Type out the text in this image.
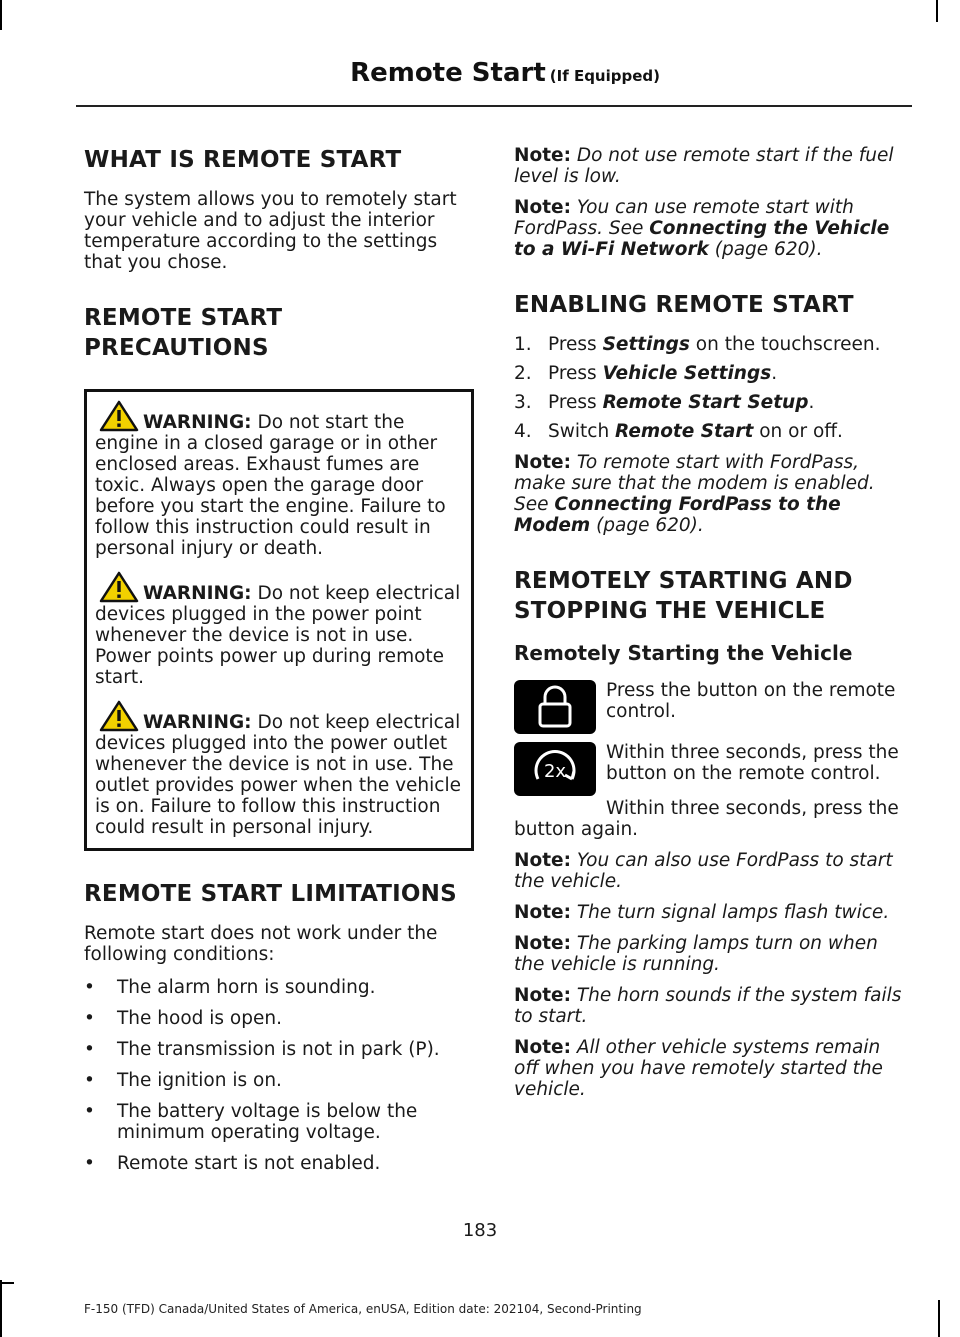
Remote Start (If Equipped)
WHAT IS REMOTE START

The system allows you to remotely start your vehicle and to adjust the interior temperature according to the settings that you chose.

REMOTE START
PRECAUTIONS
WARNING: Do not start the engine in a closed garage or in other enclosed areas. Exhaust fumes are toxic. Always open the garage door before you start the engine. Failure to follow this instruction could result in personal injury or death.
WARNING: Do not keep electrical devices plugged in the power point whenever the device is not in use. Power points power up during remote start.
WARNING: Do not keep electrical devices plugged into the power outlet whenever the device is not in use. The outlet provides power when the vehicle is on. Failure to follow this instruction could result in personal injury.
REMOTE START LIMITATIONS

Remote start does not work under the following conditions:

• The alarm horn is sounding.
• The hood is open.
• The transmission is not in park (P).
• The ignition is on.
• The battery voltage is below the minimum operating voltage.
• Remote start is not enabled.

Note: Do not use remote start if the fuel level is low.

Note: You can use remote start with FordPass. See Connecting the Vehicle to a Wi-Fi Network (page 620).

ENABLING REMOTE START
1. Press Settings on the touchscreen.
2. Press Vehicle Settings.
3. Press Remote Start Setup.
4. Switch Remote Start on or off.

Note: To remote start with FordPass, make sure that the modem is enabled. See Connecting FordPass to the Modem (page 620).

REMOTELY STARTING AND
STOPPING THE VEHICLE
Remotely Starting the Vehicle
Press the button on the remote control.
2x
Within three seconds, press the button on the remote control.

Within three seconds, press the button again.

Note: You can also use FordPass to start the vehicle.

Note: The turn signal lamps flash twice.

Note: The parking lamps turn on when the vehicle is running.

Note: The horn sounds if the system fails to start.

Note: All other vehicle systems remain off when you have remotely started the vehicle.

183
F-150 (TFD) Canada/United States of America, enUSA, Edition date: 202104, Second-Printing
